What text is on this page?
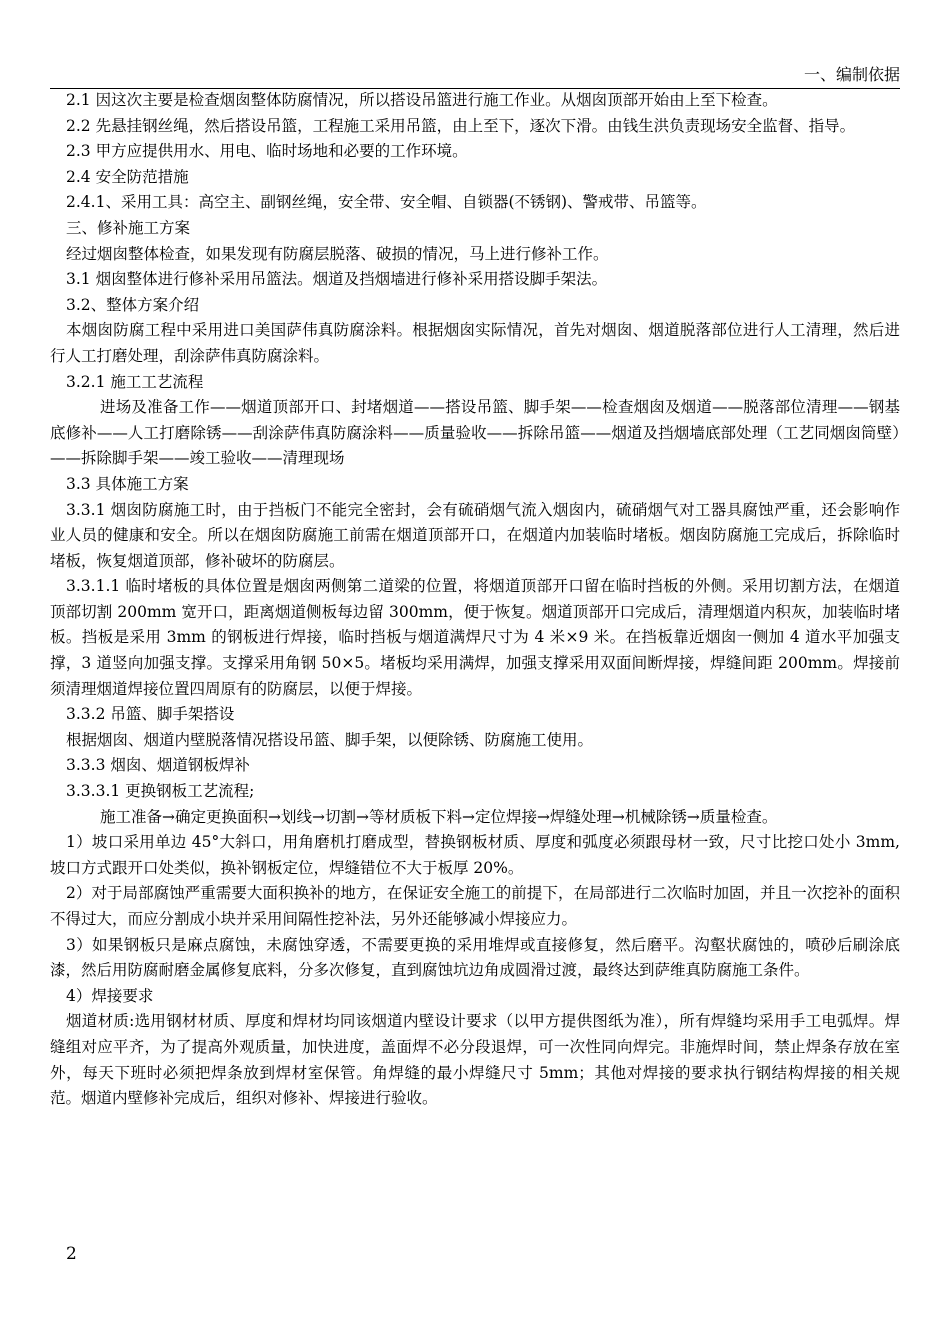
一、编制依据

2.1 因这次主要是检查烟囱整体防腐情况，所以搭设吊篮进行施工作业。从烟囱顶部开始由上至下检查。

2.2 先悬挂钢丝绳，然后搭设吊篮，工程施工采用吊篮，由上至下，逐次下滑。由钱生洪负责现场安全监督、指导。

2.3 甲方应提供用水、用电、临时场地和必要的工作环境。

2.4 安全防范措施

2.4.1、采用工具：高空主、副钢丝绳，安全带、安全帽、自锁器(不锈钢)、警戒带、吊篮等。

三、修补施工方案

经过烟囱整体检查，如果发现有防腐层脱落、破损的情况，马上进行修补工作。

3.1 烟囱整体进行修补采用吊篮法。烟道及挡烟墙进行修补采用搭设脚手架法。

3.2、整体方案介绍

本烟囱防腐工程中采用进口美国萨伟真防腐涂料。根据烟囱实际情况，首先对烟囱、烟道脱落部位进行人工清理，然后进行人工打磨处理，刮涂萨伟真防腐涂料。

3.2.1 施工工艺流程

进场及准备工作——烟道顶部开口、封堵烟道——搭设吊篮、脚手架——检查烟囱及烟道——脱落部位清理——钢基底修补——人工打磨除锈——刮涂萨伟真防腐涂料——质量验收——拆除吊篮——烟道及挡烟墙底部处理（工艺同烟囱筒壁）——拆除脚手架——竣工验收——清理现场

3.3 具体施工方案

3.3.1 烟囱防腐施工时，由于挡板门不能完全密封，会有硫硝烟气流入烟囱内，硫硝烟气对工器具腐蚀严重，还会影响作业人员的健康和安全。所以在烟囱防腐施工前需在烟道顶部开口，在烟道内加装临时堵板。烟囱防腐施工完成后，拆除临时堵板，恢复烟道顶部，修补破坏的防腐层。

3.3.1.1 临时堵板的具体位置是烟囱两侧第二道梁的位置，将烟道顶部开口留在临时挡板的外侧。采用切割方法，在烟道顶部切割 200mm 宽开口，距离烟道侧板每边留 300mm，便于恢复。烟道顶部开口完成后，清理烟道内积灰，加装临时堵板。挡板是采用 3mm 的钢板进行焊接，临时挡板与烟道满焊尺寸为 4 米×9 米。在挡板靠近烟囱一侧加 4 道水平加强支撑，3 道竖向加强支撑。支撑采用角钢 50×5。堵板均采用满焊，加强支撑采用双面间断焊接，焊缝间距 200mm。焊接前须清理烟道焊接位置四周原有的防腐层，以便于焊接。

3.3.2 吊篮、脚手架搭设

根据烟囱、烟道内壁脱落情况搭设吊篮、脚手架，以便除锈、防腐施工使用。

3.3.3 烟囱、烟道钢板焊补

3.3.3.1 更换钢板工艺流程;

施工准备→确定更换面积→划线→切割→等材质板下料→定位焊接→焊缝处理→机械除锈→质量检查。

1）坡口采用单边 45°大斜口，用角磨机打磨成型，替换钢板材质、厚度和弧度必须跟母材一致，尺寸比挖口处小 3mm,坡口方式跟开口处类似，换补钢板定位，焊缝错位不大于板厚 20%。

2）对于局部腐蚀严重需要大面积换补的地方，在保证安全施工的前提下，在局部进行二次临时加固，并且一次挖补的面积不得过大，而应分割成小块并采用间隔性挖补法，另外还能够减小焊接应力。

3）如果钢板只是麻点腐蚀，未腐蚀穿透，不需要更换的采用堆焊或直接修复，然后磨平。沟壑状腐蚀的，喷砂后刷涂底漆，然后用防腐耐磨金属修复底料，分多次修复，直到腐蚀坑边角成圆滑过渡，最终达到萨维真防腐施工条件。

4）焊接要求

烟道材质:选用钢材材质、厚度和焊材均同该烟道内壁设计要求（以甲方提供图纸为准），所有焊缝均采用手工电弧焊。焊缝组对应平齐，为了提高外观质量，加快进度，盖面焊不必分段退焊，可一次性同向焊完。非施焊时间，禁止焊条存放在室外，每天下班时必须把焊条放到焊材室保管。角焊缝的最小焊缝尺寸 5mm；其他对焊接的要求执行钢结构焊接的相关规范。烟道内壁修补完成后，组织对修补、焊接进行验收。

2
